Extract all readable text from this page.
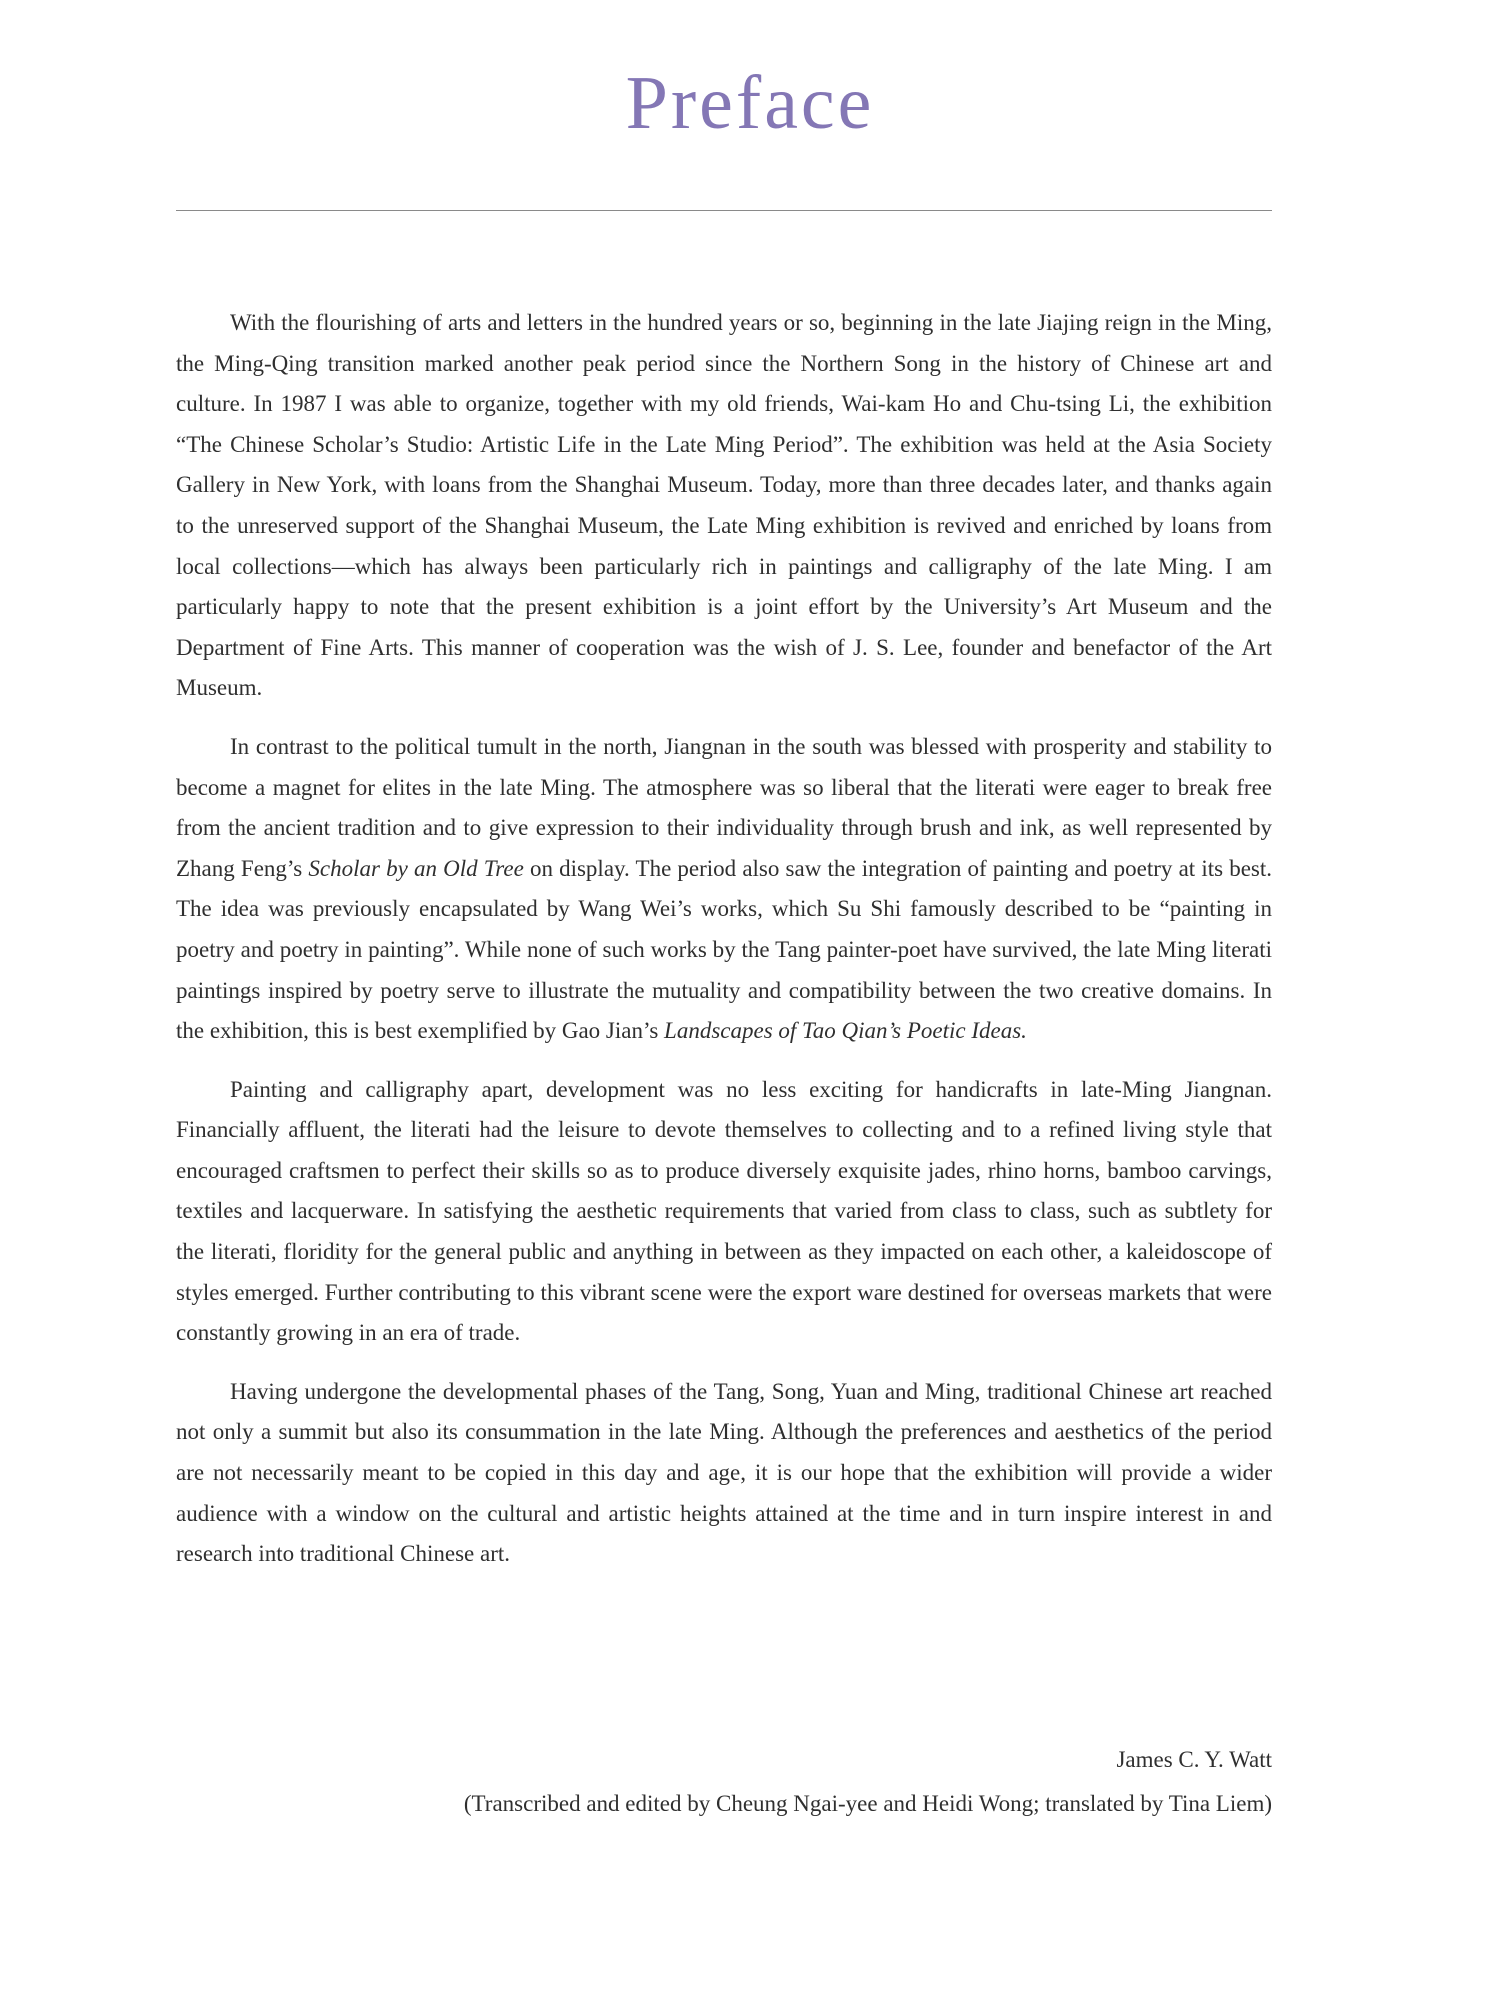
Preface

With the flourishing of arts and letters in the hundred years or so, beginning in the late Jiajing reign in the Ming, the Ming-Qing transition marked another peak period since the Northern Song in the history of Chinese art and culture. In 1987 I was able to organize, together with my old friends, Wai-kam Ho and Chu-tsing Li, the exhibition “The Chinese Scholar’s Studio: Artistic Life in the Late Ming Period”. The exhibition was held at the Asia Society Gallery in New York, with loans from the Shanghai Museum. Today, more than three decades later, and thanks again to the unreserved support of the Shanghai Museum, the Late Ming exhibition is revived and enriched by loans from local collections—which has always been particularly rich in paintings and calligraphy of the late Ming. I am particularly happy to note that the present exhibition is a joint effort by the University’s Art Museum and the Department of Fine Arts. This manner of cooperation was the wish of J. S. Lee, founder and benefactor of the Art Museum.

In contrast to the political tumult in the north, Jiangnan in the south was blessed with prosperity and stability to become a magnet for elites in the late Ming. The atmosphere was so liberal that the literati were eager to break free from the ancient tradition and to give expression to their individuality through brush and ink, as well represented by Zhang Feng’s Scholar by an Old Tree on display. The period also saw the integration of painting and poetry at its best. The idea was previously encapsulated by Wang Wei’s works, which Su Shi famously described to be “painting in poetry and poetry in painting”. While none of such works by the Tang painter-poet have survived, the late Ming literati paintings inspired by poetry serve to illustrate the mutuality and compatibility between the two creative domains. In the exhibition, this is best exemplified by Gao Jian’s Landscapes of Tao Qian’s Poetic Ideas.

Painting and calligraphy apart, development was no less exciting for handicrafts in late-Ming Jiangnan. Financially affluent, the literati had the leisure to devote themselves to collecting and to a refined living style that encouraged craftsmen to perfect their skills so as to produce diversely exquisite jades, rhino horns, bamboo carvings, textiles and lacquerware. In satisfying the aesthetic requirements that varied from class to class, such as subtlety for the literati, floridity for the general public and anything in between as they impacted on each other, a kaleidoscope of styles emerged. Further contributing to this vibrant scene were the export ware destined for overseas markets that were constantly growing in an era of trade.

Having undergone the developmental phases of the Tang, Song, Yuan and Ming, traditional Chinese art reached not only a summit but also its consummation in the late Ming. Although the preferences and aesthetics of the period are not necessarily meant to be copied in this day and age, it is our hope that the exhibition will provide a wider audience with a window on the cultural and artistic heights attained at the time and in turn inspire interest in and research into traditional Chinese art.

James C. Y. Watt
(Transcribed and edited by Cheung Ngai-yee and Heidi Wong; translated by Tina Liem)
